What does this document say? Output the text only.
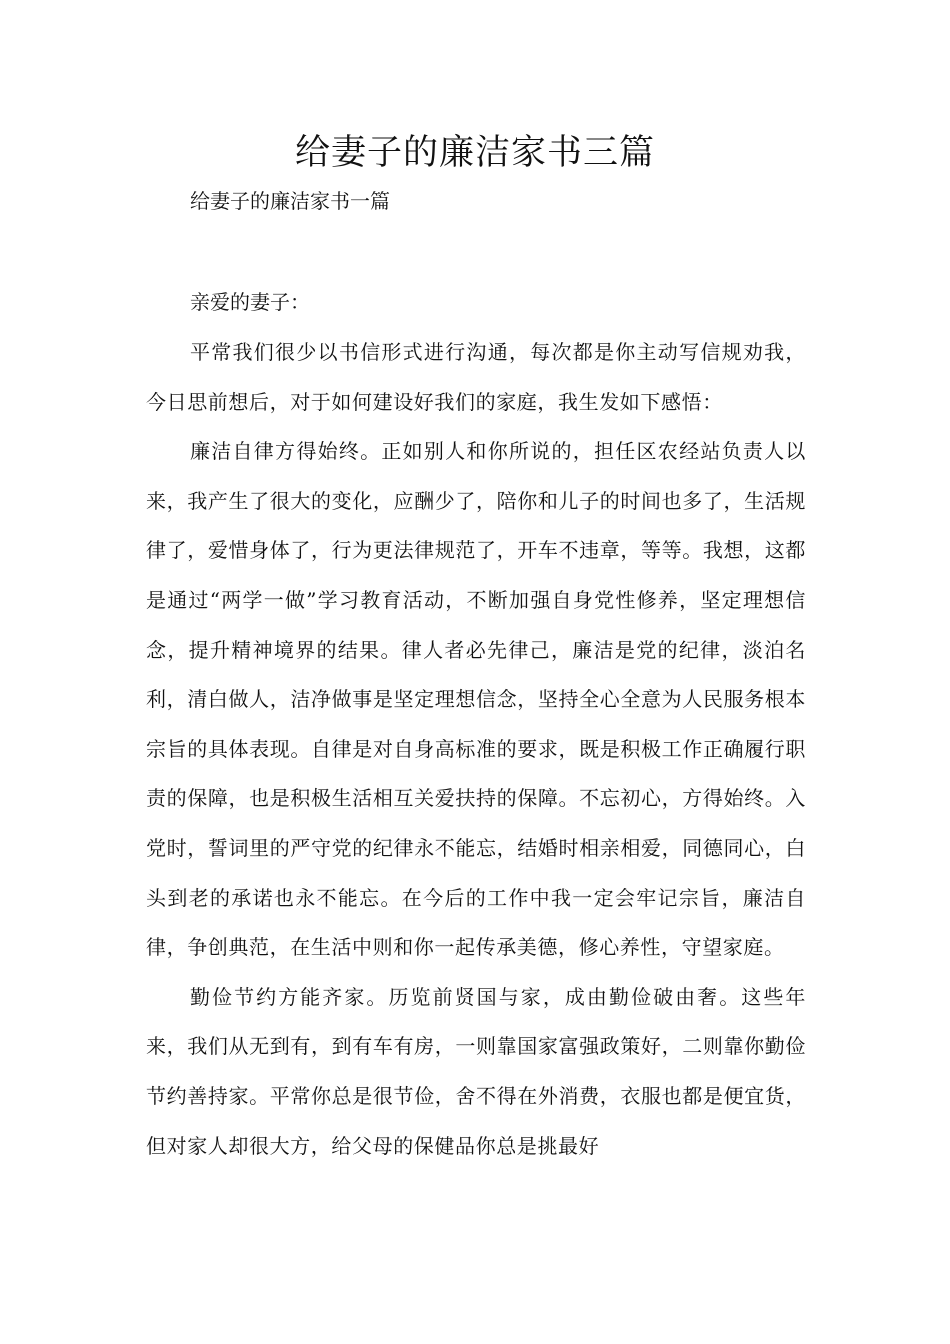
给妻子的廉洁家书三篇
给妻子的廉洁家书一篇

亲爱的妻子：

平常我们很少以书信形式进行沟通，每次都是你主动写信规劝我，今日思前想后，对于如何建设好我们的家庭，我生发如下感悟：

廉洁自律方得始终。正如别人和你所说的，担任区农经站负责人以来，我产生了很大的变化，应酬少了，陪你和儿子的时间也多了，生活规律了，爱惜身体了，行为更法律规范了，开车不违章，等等。我想，这都是通过“两学一做”学习教育活动，不断加强自身党性修养，坚定理想信念，提升精神境界的结果。律人者必先律己，廉洁是党的纪律，淡泊名利，清白做人，洁净做事是坚定理想信念，坚持全心全意为人民服务根本宗旨的具体表现。自律是对自身高标准的要求，既是积极工作正确履行职责的保障，也是积极生活相互关爱扶持的保障。不忘初心，方得始终。入党时，誓词里的严守党的纪律永不能忘，结婚时相亲相爱，同德同心，白头到老的承诺也永不能忘。在今后的工作中我一定会牢记宗旨，廉洁自律，争创典范，在生活中则和你一起传承美德，修心养性，守望家庭。

勤俭节约方能齐家。历览前贤国与家，成由勤俭破由奢。这些年来，我们从无到有，到有车有房，一则靠国家富强政策好，二则靠你勤俭节约善持家。平常你总是很节俭，舍不得在外消费，衣服也都是便宜货，但对家人却很大方，给父母的保健品你总是挑最好
